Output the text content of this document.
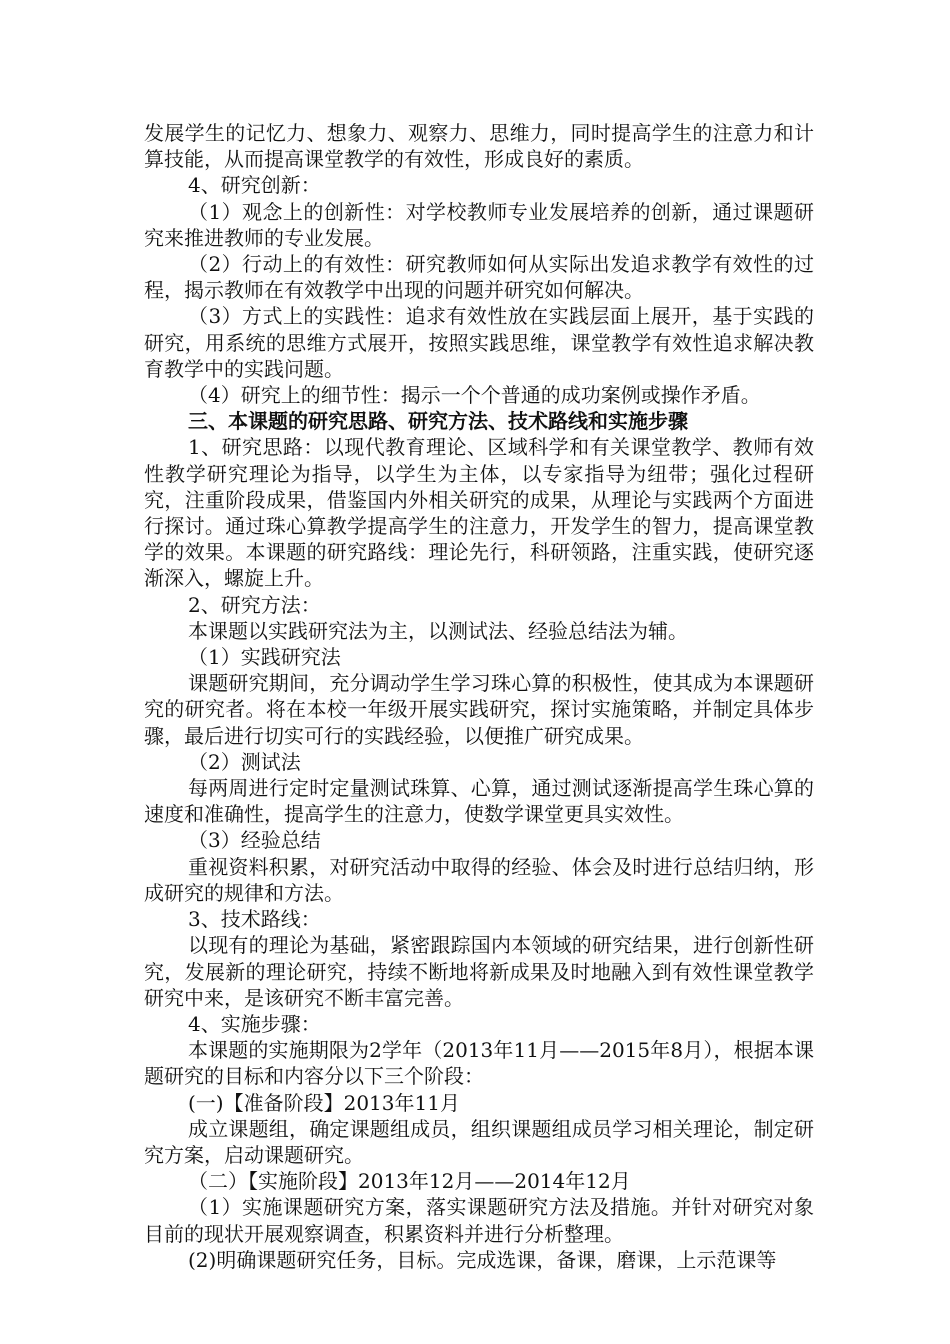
发展学生的记忆力、想象力、观察力、思维力，同时提高学生的注意力和计算技能，从而提高课堂教学的有效性，形成良好的素质。

4、研究创新：

（1）观念上的创新性：对学校教师专业发展培养的创新，通过课题研究来推进教师的专业发展。

（2）行动上的有效性：研究教师如何从实际出发追求教学有效性的过程，揭示教师在有效教学中出现的问题并研究如何解决。

（3）方式上的实践性：追求有效性放在实践层面上展开，基于实践的研究，用系统的思维方式展开，按照实践思维，课堂教学有效性追求解决教育教学中的实践问题。

（4）研究上的细节性：揭示一个个普通的成功案例或操作矛盾。

三、本课题的研究思路、研究方法、技术路线和实施步骤

1、研究思路：以现代教育理论、区域科学和有关课堂教学、教师有效性教学研究理论为指导，以学生为主体，以专家指导为纽带；强化过程研究，注重阶段成果，借鉴国内外相关研究的成果，从理论与实践两个方面进行探讨。通过珠心算教学提高学生的注意力，开发学生的智力，提高课堂教学的效果。本课题的研究路线：理论先行，科研领路，注重实践，使研究逐渐深入，螺旋上升。

2、研究方法：

本课题以实践研究法为主，以测试法、经验总结法为辅。

（1）实践研究法

课题研究期间，充分调动学生学习珠心算的积极性，使其成为本课题研究的研究者。将在本校一年级开展实践研究，探讨实施策略，并制定具体步骤，最后进行切实可行的实践经验，以便推广研究成果。

（2）测试法

每两周进行定时定量测试珠算、心算，通过测试逐渐提高学生珠心算的速度和准确性，提高学生的注意力，使数学课堂更具实效性。

（3）经验总结

重视资料积累，对研究活动中取得的经验、体会及时进行总结归纳，形成研究的规律和方法。

3、技术路线：

以现有的理论为基础，紧密跟踪国内本领域的研究结果，进行创新性研究，发展新的理论研究，持续不断地将新成果及时地融入到有效性课堂教学研究中来，是该研究不断丰富完善。

4、实施步骤：

本课题的实施期限为2学年（2013年11月——2015年8月），根据本课题研究的目标和内容分以下三个阶段：

(一)【准备阶段】2013年11月

成立课题组，确定课题组成员，组织课题组成员学习相关理论，制定研究方案，启动课题研究。

（二）【实施阶段】2013年12月——2014年12月

（1）实施课题研究方案，落实课题研究方法及措施。并针对研究对象目前的现状开展观察调查，积累资料并进行分析整理。

(2)明确课题研究任务，目标。完成选课，备课，磨课，上示范课等
